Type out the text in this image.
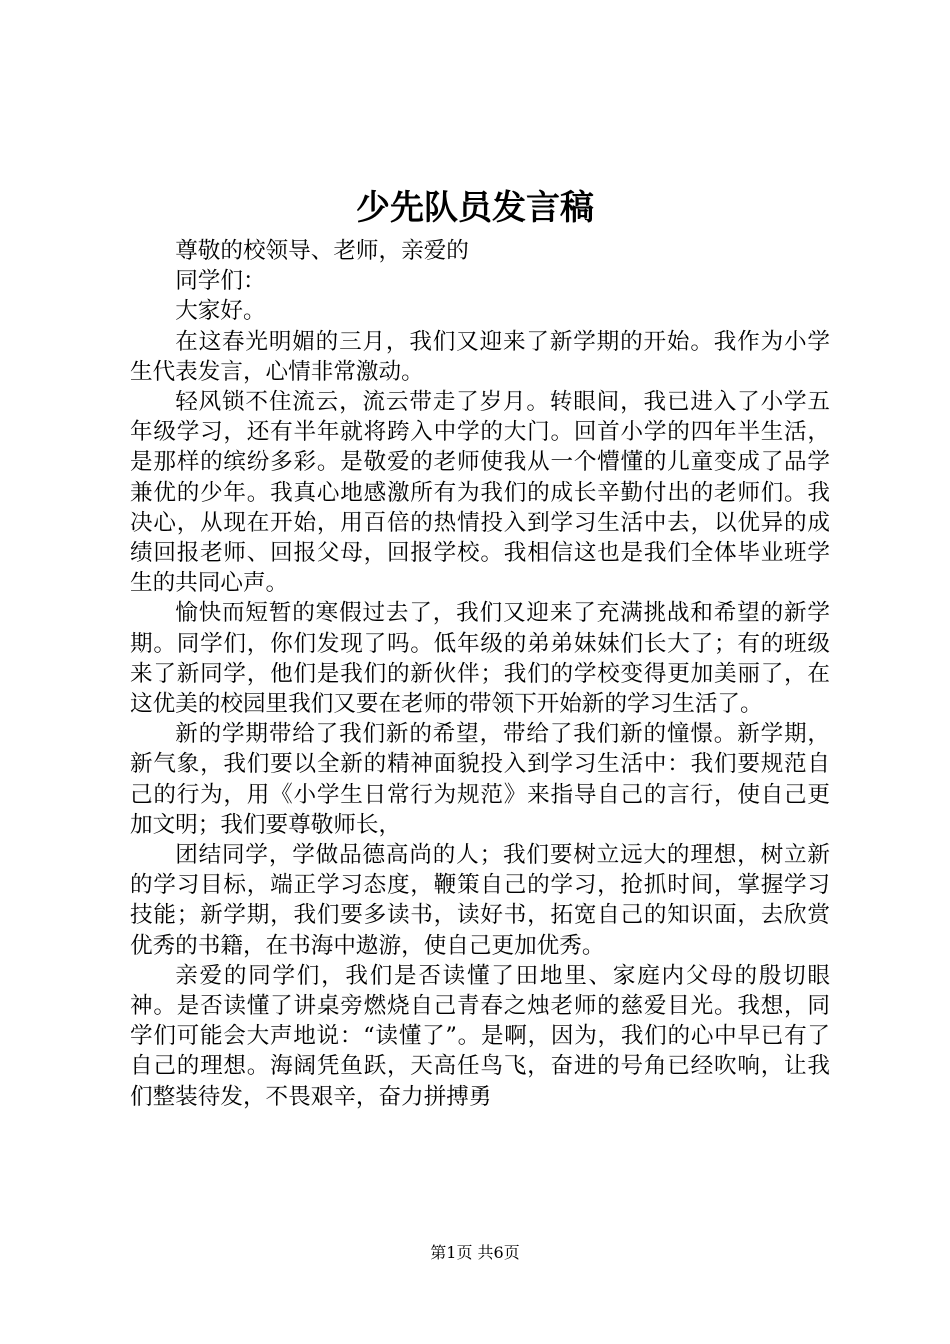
少先队员发言稿

尊敬的校领导、老师，亲爱的

同学们：

大家好。

在这春光明媚的三月，我们又迎来了新学期的开始。我作为小学生代表发言，心情非常激动。

轻风锁不住流云，流云带走了岁月。转眼间，我已进入了小学五年级学习，还有半年就将跨入中学的大门。回首小学的四年半生活，是那样的缤纷多彩。是敬爱的老师使我从一个懵懂的儿童变成了品学兼优的少年。我真心地感激所有为我们的成长辛勤付出的老师们。我决心，从现在开始，用百倍的热情投入到学习生活中去，以优异的成绩回报老师、回报父母，回报学校。我相信这也是我们全体毕业班学生的共同心声。

愉快而短暂的寒假过去了，我们又迎来了充满挑战和希望的新学期。同学们，你们发现了吗。低年级的弟弟妹妹们长大了；有的班级来了新同学，他们是我们的新伙伴；我们的学校变得更加美丽了，在这优美的校园里我们又要在老师的带领下开始新的学习生活了。

新的学期带给了我们新的希望，带给了我们新的憧憬。新学期，新气象，我们要以全新的精神面貌投入到学习生活中：我们要规范自己的行为，用《小学生日常行为规范》来指导自己的言行，使自己更加文明；我们要尊敬师长，

团结同学，学做品德高尚的人；我们要树立远大的理想，树立新的学习目标，端正学习态度，鞭策自己的学习，抢抓时间，掌握学习技能；新学期，我们要多读书，读好书，拓宽自己的知识面，去欣赏优秀的书籍，在书海中遨游，使自己更加优秀。

亲爱的同学们，我们是否读懂了田地里、家庭内父母的殷切眼神。是否读懂了讲桌旁燃烧自己青春之烛老师的慈爱目光。我想，同学们可能会大声地说：“读懂了”。是啊，因为，我们的心中早已有了自己的理想。海阔凭鱼跃，天高任鸟飞，奋进的号角已经吹响，让我们整装待发，不畏艰辛，奋力拼搏勇

第1页 共6页
